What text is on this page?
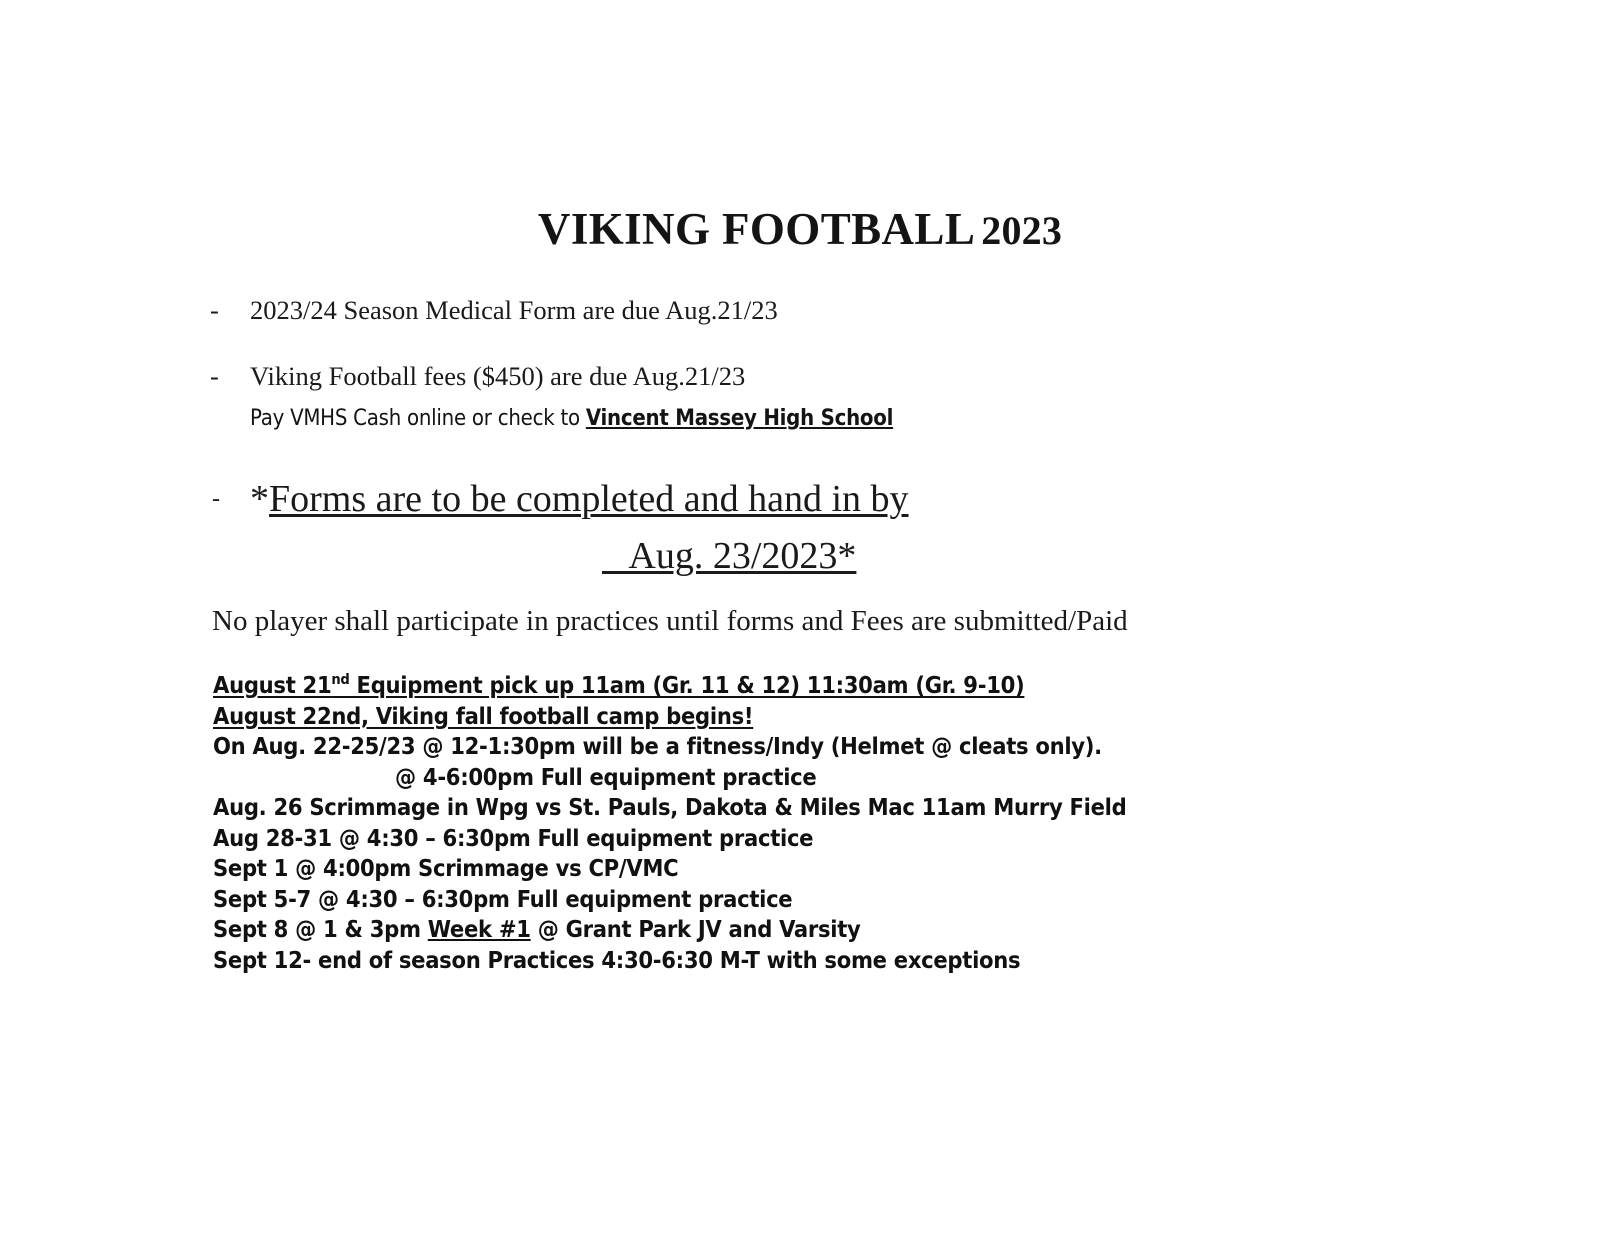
VIKING FOOTBALL 2023
-	2023/24 Season Medical Form are due Aug.21/23
-	Viking Football fees ($450) are due Aug.21/23
Pay VMHS Cash online or check to Vincent Massey High School
- *Forms are to be completed and hand in by
Aug. 23/2023*
No player shall participate in practices until forms and Fees are submitted/Paid
August 21nd Equipment pick up 11am (Gr. 11 & 12) 11:30am (Gr. 9-10)
August 22nd, Viking fall football camp begins!
On Aug. 22-25/23 @ 12-1:30pm will be a fitness/Indy (Helmet @ cleats only).
@ 4-6:00pm Full equipment practice
Aug. 26 Scrimmage in Wpg vs St. Pauls, Dakota & Miles Mac 11am Murry Field
Aug 28-31 @ 4:30 – 6:30pm Full equipment practice
Sept 1 @ 4:00pm Scrimmage vs CP/VMC
Sept 5-7 @ 4:30 – 6:30pm Full equipment practice
Sept 8 @ 1 & 3pm Week #1 @ Grant Park JV and Varsity
Sept 12- end of season Practices 4:30-6:30 M-T with some exceptions
